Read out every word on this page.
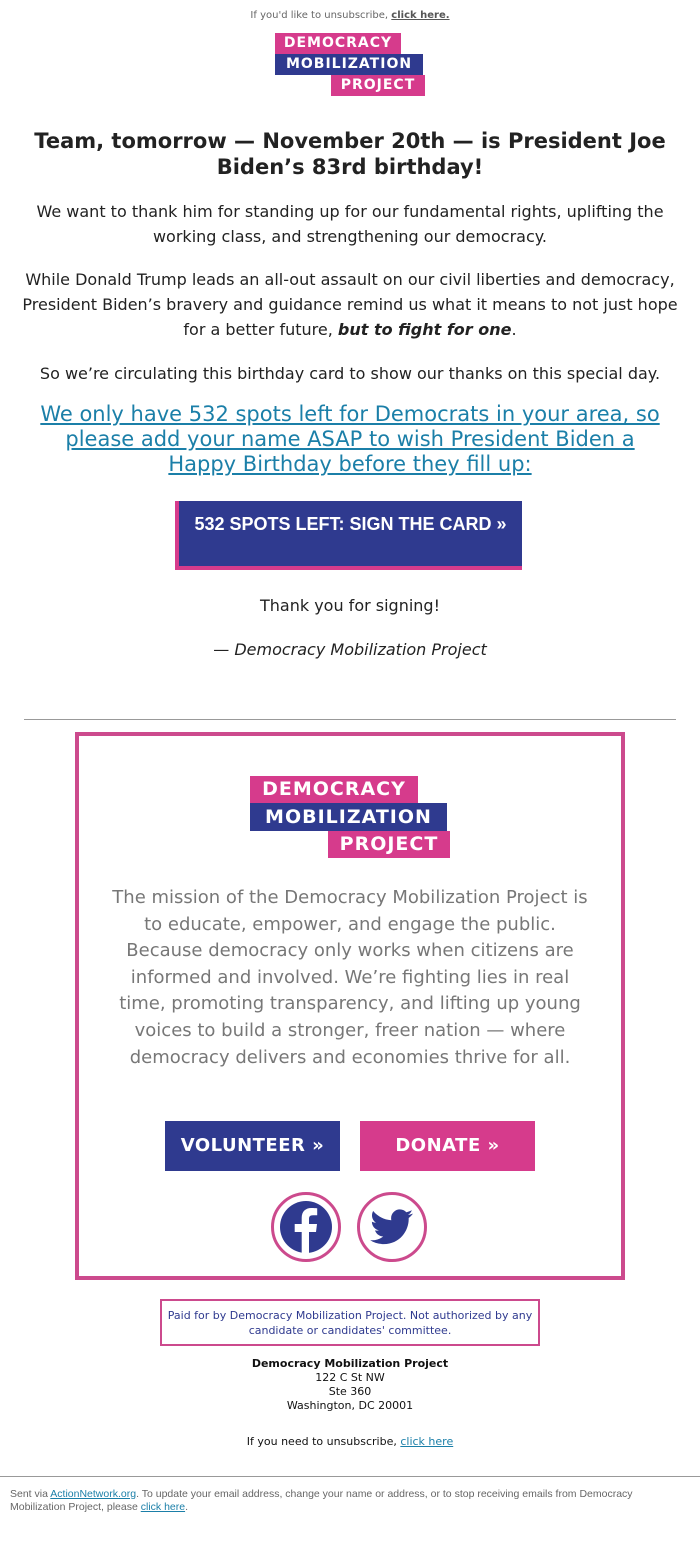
If you'd like to unsubscribe, click here.
DEMOCRACY
MOBILIZATION
PROJECT
Team, tomorrow — November 20th — is President Joe Biden’s 83rd birthday!
We want to thank him for standing up for our fundamental rights, uplifting the working class, and strengthening our democracy.
While Donald Trump leads an all-out assault on our civil liberties and democracy, President Biden’s bravery and guidance remind us what it means to not just hope for a better future, but to fight for one.
So we’re circulating this birthday card to show our thanks on this special day.
We only have 532 spots left for Democrats in your area, so please add your name ASAP to wish President Biden a Happy Birthday before they fill up:
532 SPOTS LEFT: SIGN THE CARD »
Thank you for signing!
— Democracy Mobilization Project
DEMOCRACY
MOBILIZATION
PROJECT
The mission of the Democracy Mobilization Project is to educate, empower, and engage the public. Because democracy only works when citizens are informed and involved. We’re fighting lies in real time, promoting transparency, and lifting up young voices to build a stronger, freer nation — where democracy delivers and economies thrive for all.
VOLUNTEER »	DONATE »
Paid for by Democracy Mobilization Project. Not authorized by any candidate or candidates' committee.
Democracy Mobilization Project
122 C St NW
Ste 360
Washington, DC 20001
If you need to unsubscribe, click here
Sent via ActionNetwork.org. To update your email address, change your name or address, or to stop receiving emails from Democracy Mobilization Project, please click here.
